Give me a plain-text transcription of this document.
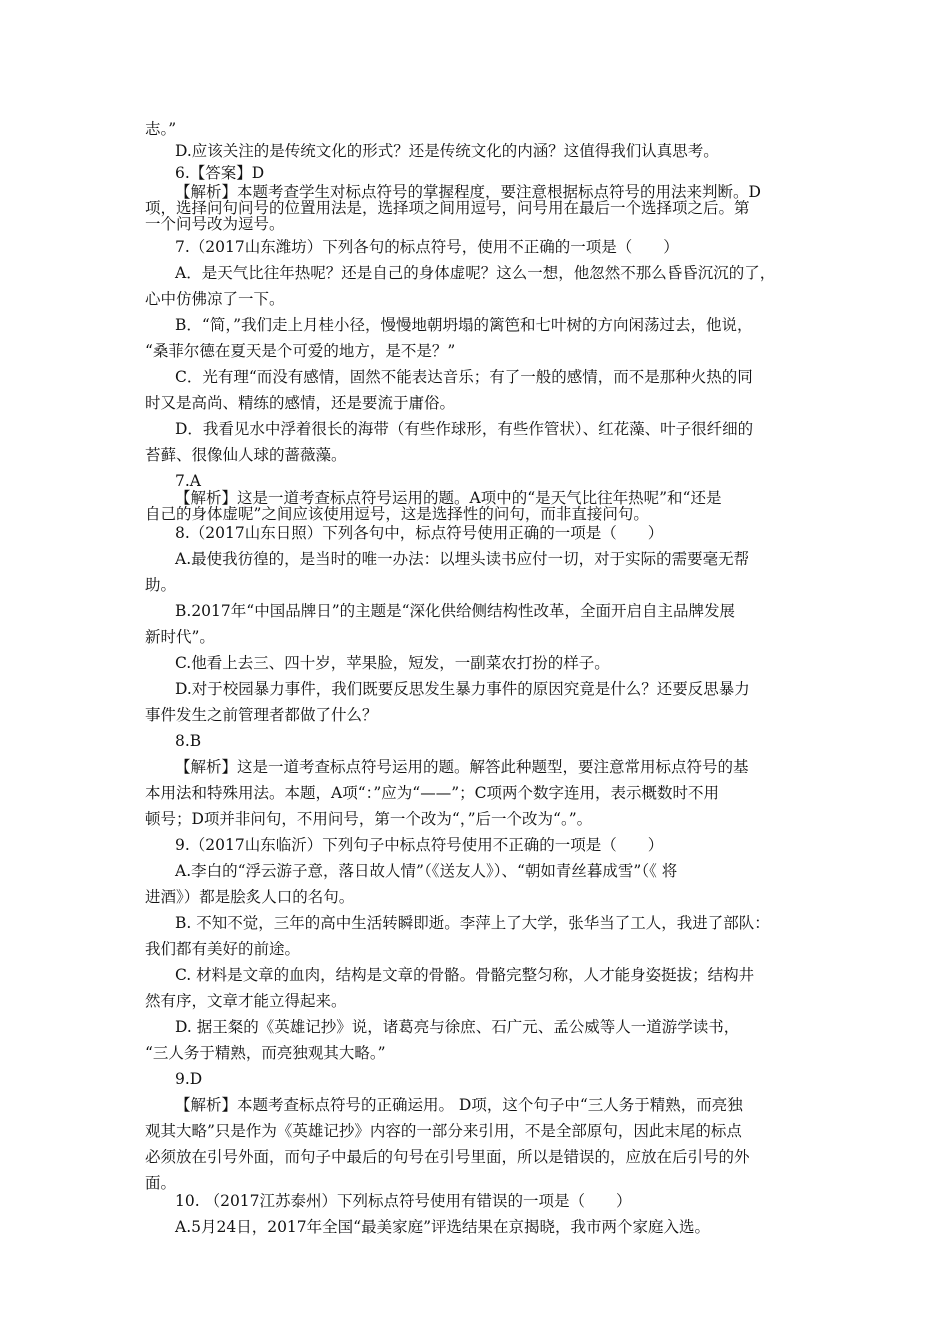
志。”
D.应该关注的是传统文化的形式？还是传统文化的内涵？这值得我们认真思考。
6.【答案】D
【解析】本题考查学生对标点符号的掌握程度，要注意根据标点符号的用法来判断。D
项，选择问句问号的位置用法是，选择项之间用逗号，问号用在最后一个选择项之后。第
一个问号改为逗号。
7.（2017山东潍坊）下列各句的标点符号，使用不正确的一项是（　　）
A．是天气比往年热呢？还是自己的身体虚呢？这么一想，他忽然不那么昏昏沉沉的了，
心中仿佛凉了一下。
B．“简，”我们走上月桂小径，慢慢地朝坍塌的篱笆和七叶树的方向闲荡过去，他说，
“桑菲尔德在夏天是个可爱的地方，是不是？”
C．光有理“而没有感情，固然不能表达音乐；有了一般的感情，而不是那种火热的同
时又是高尚、精练的感情，还是要流于庸俗。
D．我看见水中浮着很长的海带（有些作球形，有些作管状）、红花藻、叶子很纤细的
苔藓、很像仙人球的蔷薇藻。
7.A
【解析】这是一道考查标点符号运用的题。A项中的“是天气比往年热呢”和“还是
自己的身体虚呢”之间应该使用逗号，这是选择性的问句，而非直接问句。
8.（2017山东日照）下列各句中，标点符号使用正确的一项是（　　）
A.最使我彷徨的，是当时的唯一办法：以埋头读书应付一切，对于实际的需要毫无帮
助。
B.2017年“中国品牌日”的主题是“深化供给侧结构性改革，全面开启自主品牌发展
新时代”。
C.他看上去三、四十岁，苹果脸，短发，一副菜农打扮的样子。
D.对于校园暴力事件，我们既要反思发生暴力事件的原因究竟是什么？还要反思暴力
事件发生之前管理者都做了什么？
8.B
【解析】这是一道考查标点符号运用的题。解答此种题型，要注意常用标点符号的基
本用法和特殊用法。本题，A项“：”应为“——”；C项两个数字连用，表示概数时不用
顿号；D项并非问句，不用问号，第一个改为“，”后一个改为“。”。
9.（2017山东临沂）下列句子中标点符号使用不正确的一项是（　　）
A.李白的“浮云游子意，落日故人情”（《送友人》）、“朝如青丝暮成雪”（《 将
进酒》）都是脍炙人口的名句。
B. 不知不觉，三年的高中生活转瞬即逝。李萍上了大学，张华当了工人，我进了部队：
我们都有美好的前途。
C. 材料是文章的血肉，结构是文章的骨骼。骨骼完整匀称，人才能身姿挺拔；结构井
然有序，文章才能立得起来。
D. 据王粲的《英雄记抄》说，诸葛亮与徐庶、石广元、孟公威等人一道游学读书，
“三人务于精熟，而亮独观其大略。”
9.D
【解析】本题考查标点符号的正确运用。 D项，这个句子中“三人务于精熟，而亮独
观其大略”只是作为《英雄记抄》内容的一部分来引用，不是全部原句，因此末尾的标点
必须放在引号外面，而句子中最后的句号在引号里面，所以是错误的，应放在后引号的外
面。
10. （2017江苏泰州）下列标点符号使用有错误的一项是（　　）
A.5月24日，2017年全国“最美家庭”评选结果在京揭晓，我市两个家庭入选。
